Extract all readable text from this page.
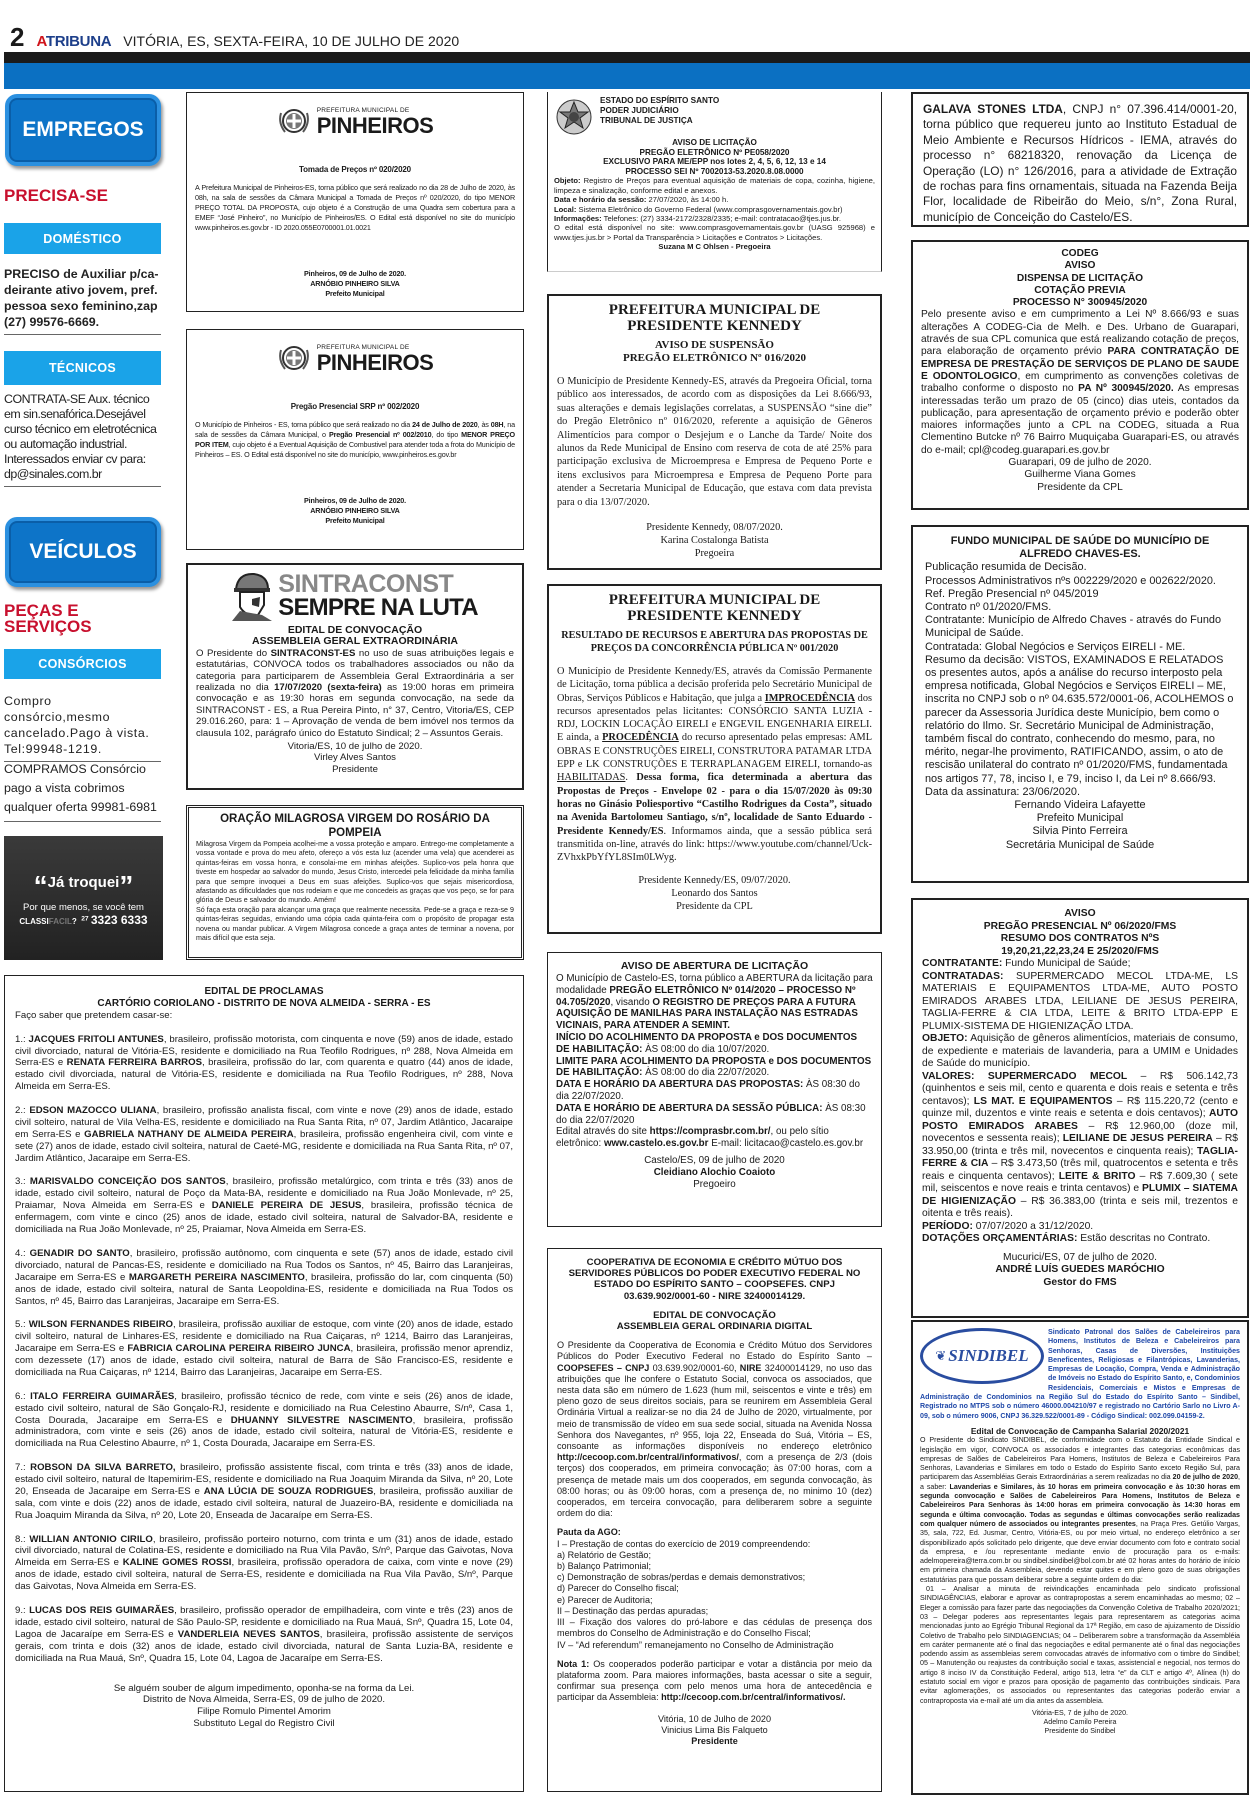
2 ATRIBUNA VITÓRIA, ES, SEXTA-FEIRA, 10 DE JULHO DE 2020
EMPREGOS
PRECISA-SE
DOMÉSTICO
PRECISO de Auxiliar p/ca-deirante ativo jovem, pref. pessoa sexo feminino,zap (27) 99576-6669.
TÉCNICOS
CONTRATA-SE Aux. técnico em sin.senafórica.Desejável curso técnico em eletrotécnica ou automação industrial. Interessados enviar cv para: dp@sinales.com.br
VEÍCULOS
PEÇAS E SERVIÇOS
CONSÓRCIOS
Compro consórcio,mesmo cancelado.Pago à vista. Tel:99948-1219.
COMPRAMOS Consórcio pago a vista cobrimos qualquer oferta 99981-6981
“Já troquei”
Por que menos, se você tem
CLASSIFACIL? $^{27}$ 3323 6333
PREFEITURA MUNICIPAL DE
PINHEIROS
Tomada de Preços nº 020/2020

A Prefeitura Municipal de Pinheiros-ES, torna público que será realizado no dia 28 de Julho de 2020, às 08h, na sala de sessões da Câmara Municipal a Tomada de Preços nº 020/2020, do tipo MENOR PREÇO TOTAL DA PROPOSTA, cujo objeto é a Construção de uma Quadra sem cobertura para a EMEF “José Pinheiro”, no Município de Pinheiros/ES. O Edital está disponível no site do município www.pinheiros.es.gov.br - ID 2020.055E0700001.01.0021

Pinheiros, 09 de Julho de 2020.
ARNÓBIO PINHEIRO SILVA
Prefeito Municipal
PREFEITURA MUNICIPAL DE
PINHEIROS
Pregão Presencial SRP nº 002/2020

O Município de Pinheiros - ES, torna público que será realizado no dia 24 de Julho de 2020, às 08H, na sala de sessões da Câmara Municipal, o Pregão Presencial nº 002/2010, do tipo MENOR PREÇO POR ITEM, cujo objeto é a Eventual Aquisição de Combustivel para atender toda a frota do Município de Pinheiros – ES. O Edital está disponível no site do município, www.pinheiros.es.gov.br

Pinheiros, 09 de Julho de 2020.
ARNÓBIO PINHEIRO SILVA
Prefeito Municipal
SINTRACONST
SEMPRE NA LUTA
EDITAL DE CONVOCAÇÃO
ASSEMBLEIA GERAL EXTRAORDINÁRIA

O Presidente do SINTRACONST-ES no uso de suas atribuições legais e estatutárias, CONVOCA todos os trabalhadores associados ou não da categoria para participarem de Assembleia Geral Extraordinária a ser realizada no dia 17/07/2020 (sexta-feira) as 19:00 horas em primeira convocação e as 19:30 horas em segunda convocação, na sede da SINTRACONST - ES, a Rua Pereira Pinto, n° 37, Centro, Vitoria/ES, CEP 29.016.260, para: 1 – Aprovação de venda de bem imóvel nos termos da clausula 102, parágrafo único do Estatuto Sindical; 2 – Assuntos Gerais.

Vitoria/ES, 10 de julho de 2020.
Virley Alves Santos
Presidente
ORAÇÃO MILAGROSA VIRGEM DO ROSÁRIO DA POMPEIA

Milagrosa Virgem da Pompeia acolhei-me a vossa proteção e amparo. Entrego-me completamente a vossa vontade e prova do meu afeto, ofereço a vós esta luz (acender uma vela) que acenderei as quintas-feiras em vossa honra, e consolai-me em minhas afeições. Suplico-vos pela honra que tiveste em hospedar ao salvador do mundo, Jesus Cristo, intercedei pela felicidade da minha família para que sempre invoquei a Deus em suas afeições. Suplico-vos que sejais misericordiosa, afastando as dificuldades que nos rodeiam e que me concedeis as graças que vos peço, se for para glória de Deus e salvador do mundo. Amém!

Só faça esta oração para alcançar uma graça que realmente necessita. Pede-se a graça e reza-se 9 quintas-feiras seguidas, enviando uma cópia cada quinta-feira com o propósito de propagar esta novena ou mandar publicar. A Virgem Milagrosa concede a graça antes de terminar a novena, por mais difícil que esta seja.

ESTADO DO ESPÍRITO SANTO
PODER JUDICIÁRIO
TRIBUNAL DE JUSTIÇA
AVISO DE LICITAÇÃO
PREGÃO ELETRÔNICO Nº PE058/2020
EXCLUSIVO PARA ME/EPP nos lotes 2, 4, 5, 6, 12, 13 e 14
PROCESSO SEI Nº 7002013-53.2020.8.08.0000

Objeto: Registro de Preços para eventual aquisição de materiais de copa, cozinha, higiene, limpeza e sinalização, conforme edital e anexos.

Data e horário da sessão: 27/07/2020, às 14:00 h.

Local: Sistema Eletrônico do Governo Federal (www.comprasgovernamentais.gov.br)

Informações: Telefones: (27) 3334-2172/2328/2335; e-mail: contratacao@tjes.jus.br.

O edital está disponível no site: www.comprasgovernamentais.gov.br (UASG 925968) e www.tjes.jus.br > Portal da Transparência > Licitações e Contratos > Licitações.

Suzana M C Ohlsen - Pregoeira
PREFEITURA MUNICIPAL DE
PRESIDENTE KENNEDY
AVISO DE SUSPENSÃO
PREGÃO ELETRÔNICO Nº 016/2020

O Município de Presidente Kennedy-ES, através da Pregoeira Oficial, torna público aos interessados, de acordo com as disposições da Lei 8.666/93, suas alterações e demais legislações correlatas, a SUSPENSÃO “sine die” do Pregão Eletrônico nº 016/2020, referente a aquisição de Gêneros Alimentícios para compor o Desjejum e o Lanche da Tarde/ Noite dos alunos da Rede Municipal de Ensino com reserva de cota de até 25% para participação exclusiva de Microempresa e Empresa de Pequeno Porte e itens exclusivos para Microempresa e Empresa de Pequeno Porte para atender a Secretaria Municipal de Educação, que estava com data prevista para o dia 13/07/2020.

Presidente Kennedy, 08/07/2020.
Karina Costalonga Batista
Pregoeira
PREFEITURA MUNICIPAL DE
PRESIDENTE KENNEDY
RESULTADO DE RECURSOS E ABERTURA DAS PROPOSTAS DE PREÇOS DA CONCORRÊNCIA PÚBLICA Nº 001/2020

O Município de Presidente Kennedy/ES, através da Comissão Permanente de Licitação, torna pública a decisão proferida pelo Secretário Municipal de Obras, Serviços Públicos e Habitação, que julga a IMPROCEDÊNCIA dos recursos apresentados pelas licitantes: CONSÓRCIO SANTA LUZIA - RDJ, LOCKIN LOCAÇÃO EIRELI e ENGEVIL ENGENHARIA EIRELI. E ainda, a PROCEDÊNCIA do recurso apresentado pelas empresas: AML OBRAS E CONSTRUÇÕES EIRELI, CONSTRUTORA PATAMAR LTDA EPP e LK CONSTRUÇÕES E TERRAPLANAGEM EIRELI, tornando-as HABILITADAS. Dessa forma, fica determinada a abertura das Propostas de Preços - Envelope 02 - para o dia 15/07/2020 às 09:30 horas no Ginásio Poliesportivo “Castilho Rodrigues da Costa”, situado na Avenida Bartolomeu Santiago, s/nº, localidade de Santo Eduardo - Presidente Kennedy/ES. Informamos ainda, que a sessão pública será transmitida on-line, através do link: https://www.youtube.com/channel/Uck-ZVhxkPbYfYL8SIm0LWyg.

Presidente Kennedy/ES, 09/07/2020.
Leonardo dos Santos
Presidente da CPL
AVISO DE ABERTURA DE LICITAÇÃO

O Município de Castelo-ES, torna público a ABERTURA da licitação para modalidade PREGÃO ELETRÔNICO Nº 014/2020 – PROCESSO Nº 04.705/2020, visando O REGISTRO DE PREÇOS PARA A FUTURA AQUISIÇÃO DE MANILHAS PARA INSTALAÇÃO NAS ESTRADAS VICINAIS, PARA ATENDER A SEMINT.

INÍCIO DO ACOLHIMENTO DA PROPOSTA e DOS DOCUMENTOS DE HABILITAÇÃO: ÀS 08:00 do dia 10/07/2020.

LIMITE PARA ACOLHIMENTO DA PROPOSTA e DOS DOCUMENTOS DE HABILITAÇÃO: ÀS 08:00 do dia 22/07/2020.

DATA E HORÁRIO DA ABERTURA DAS PROPOSTAS: ÀS 08:30 do dia 22/07/2020.

DATA E HORÁRIO DE ABERTURA DA SESSÃO PÚBLICA: ÀS 08:30 do dia 22/07/2020

Edital através do site https://comprasbr.com.br/, ou pelo sítio eletrônico: www.castelo.es.gov.br E-mail: licitacao@castelo.es.gov.br

Castelo/ES, 09 de julho de 2020
Cleidiano Alochio Coaioto
Pregoeiro
COOPERATIVA DE ECONOMIA E CRÉDITO MÚTUO DOS SERVIDORES PÚBLICOS DO PODER EXECUTIVO FEDERAL NO ESTADO DO ESPÍRITO SANTO – COOPSEFES. CNPJ 03.639.902/0001-60 - NIRE 32400014129.
EDITAL DE CONVOCAÇÃO
ASSEMBLEIA GERAL ORDINARIA DIGITAL

O Presidente da Cooperativa de Economia e Crédito Mútuo dos Servidores Públicos do Poder Executivo Federal no Estado do Espírito Santo – COOPSEFES – CNPJ 03.639.902/0001-60, NIRE 32400014129, no uso das atribuições que lhe confere o Estatuto Social, convoca os associados, que nesta data são em número de 1.623 (hum mil, seiscentos e vinte e três) em pleno gozo de seus direitos sociais, para se reunirem em Assembleia Geral Ordinária Virtual a realizar-se no dia 24 de Julho de 2020, virtualmente, por meio de transmissão de vídeo em sua sede social, situada na Avenida Nossa Senhora dos Navegantes, nº 955, loja 22, Enseada do Suá, Vitória – ES, consoante as informações disponíveis no endereço eletrônico http://cecoop.com.br/central/informativos/, com a presença de 2/3 (dois terços) dos cooperados, em primeira convocação; às 07:00 horas, com a presença de metade mais um dos cooperados, em segunda convocação, às 08:00 horas; ou às 09:00 horas, com a presença de, no minimo 10 (dez) cooperados, em terceira convocação, para deliberarem sobre a seguinte ordem do dia:

Pauta da AGO:

I – Prestação de contas do exercício de 2019 compreendendo:

a) Relatório de Gestão;

b) Balanço Patrimonial;

c) Demonstração de sobras/perdas e demais demonstrativos;

d) Parecer do Conselho fiscal;

e) Parecer de Auditoria;

II – Destinação das perdas apuradas;

III – Fixação dos valores do pró-labore e das cédulas de presença dos membros do Conselho de Administração e do Conselho Fiscal;

IV – “Ad referendum” remanejamento no Conselho de Administração

Nota 1: Os cooperados poderão participar e votar a distância por meio da plataforma zoom. Para maiores informações, basta acessar o site a seguir, confirmar sua presença com pelo menos uma hora de antecedência e participar da Assembleia: http://cecoop.com.br/central/informativos/.

Vitória, 10 de Julho de 2020
Vinicius Lima Bis Falqueto
Presidente

GALAVA STONES LTDA, CNPJ n° 07.396.414/0001-20, torna público que requereu junto ao Instituto Estadual de Meio Ambiente e Recursos Hídricos - IEMA, através do processo n° 68218320, renovação da Licença de Operação (LO) n° 126/2016, para a atividade de Extração de rochas para fins ornamentais, situada na Fazenda Beija Flor, localidade de Ribeirão do Meio, s/n°, Zona Rural, município de Conceição do Castelo/ES.

CODEG
AVISO
DISPENSA DE LICITAÇÃO
COTAÇÃO PREVIA
PROCESSO N° 300945/2020

Pelo presente aviso e em cumprimento a Lei Nº 8.666/93 e suas alterações A CODEG-Cia de Melh. e Des. Urbano de Guarapari, através de sua CPL comunica que está realizando cotação de preços, para elaboração de orçamento prévio PARA CONTRATAÇÃO DE EMPRESA DE PRESTAÇÃO DE SERVIÇOS DE PLANO DE SAUDE E ODONTOLOGICO, em cumprimento as convenções coletivas de trabalho conforme o disposto no PA Nº 300945/2020. As empresas interessadas terão um prazo de 05 (cinco) dias uteis, contados da publicação, para apresentação de orçamento prévio e poderão obter maiores informações junto a CPL na CODEG, situada a Rua Clementino Butcke nº 76 Bairro Muquiçaba Guarapari-ES, ou através do e-mail; cpl@codeg.guarapari.es.gov.br

Guarapari, 09 de julho de 2020.
Guilherme Viana Gomes
Presidente da CPL
FUNDO MUNICIPAL DE SAÚDE DO MUNICÍPIO DE ALFREDO CHAVES-ES.

Publicação resumida de Decisão.

Processos Administrativos nºs 002229/2020 e 002622/2020.

Ref. Pregão Presencial nº 045/2019

Contrato nº 01/2020/FMS.

Contratante: Município de Alfredo Chaves - através do Fundo Municipal de Saúde.

Contratada: Global Negócios e Serviços EIRELI - ME.

Resumo da decisão: VISTOS, EXAMINADOS E RELATADOS os presentes autos, após a análise do recurso interposto pela empresa notificada, Global Negócios e Serviços EIRELI – ME, inscrita no CNPJ sob o nº 04.635.572/0001-06, ACOLHEMOS o parecer da Assessoria Jurídica deste Município, bem como o relatório do Ilmo. Sr. Secretário Municipal de Administração, também fiscal do contrato, conhecendo do mesmo, para, no mérito, negar-lhe provimento, RATIFICANDO, assim, o ato de rescisão unilateral do contrato nº 01/2020/FMS, fundamentada nos artigos 77, 78, inciso I, e 79, inciso I, da Lei nº 8.666/93.

Data da assinatura: 23/06/2020.

Fernando Videira Lafayette
Prefeito Municipal
Silvia Pinto Ferreira
Secretária Municipal de Saúde
AVISO
PREGÃO PRESENCIAL Nº 06/2020/FMS
RESUMO DOS CONTRATOS NºS
19,20,21,22,23,24 E 25/2020/FMS

CONTRATANTE: Fundo Municipal de Saúde;

CONTRATADAS: SUPERMERCADO MECOL LTDA-ME, LS MATERIAIS E EQUIPAMENTOS LTDA-ME, AUTO POSTO EMIRADOS ARABES LTDA, LEILIANE DE JESUS PEREIRA, TAGLIA-FERRE & CIA LTDA, LEITE & BRITO LTDA-EPP E PLUMIX-SISTEMA DE HIGIENIZAÇÃO LTDA.

OBJETO: Aquisição de gêneros alimentícios, materiais de consumo, de expediente e materiais de lavanderia, para a UMIM e Unidades de Saúde do município.

VALORES: SUPERMERCADO MECOL – R$ 506.142,73 (quinhentos e seis mil, cento e quarenta e dois reais e setenta e três centavos); LS MAT. E EQUIPAMENTOS – R$ 115.220,72 (cento e quinze mil, duzentos e vinte reais e setenta e dois centavos); AUTO POSTO EMIRADOS ARABES – R$ 12.960,00 (doze mil, novecentos e sessenta reais); LEILIANE DE JESUS PEREIRA – R$ 33.950,00 (trinta e três mil, novecentos e cinquenta reais); TAGLIA- FERRE & CIA – R$ 3.473,50 (três mil, quatrocentos e setenta e três reais e cinquenta centavos); LEITE & BRITO – R$ 7.609,30 ( sete mil, seiscentos e nove reais e trinta centavos) e PLUMIX – SIATEMA DE HIGIENIZAÇÃO – R$ 36.383,00 (trinta e seis mil, trezentos e oitenta e três reais).

PERÍODO: 07/07/2020 a 31/12/2020.

DOTAÇÕES ORÇAMENTÁRIAS: Estão descritas no Contrato.

Mucurici/ES, 07 de julho de 2020.
ANDRÉ LUÍS GUEDES MARÓCHIO
Gestor do FMS
❦ SINDIBEL

Sindicato Patronal dos Salões de Cabeleireiros para Homens, Institutos de Beleza e Cabeleireiros para Senhoras, Casas de Diversões, Instituições Beneficentes, Religiosas e Filantrópicas, Lavanderias, Empresas de Locação, Compra, Venda e Administração de Imóveis no Estado do Espírito Santo, e, Condominios Residenciais, Comerciais e Mistos e Empresas de Administração de Condominios na Região Sul do Estado do Espírito Santo – Sindibel, Registrado no MTPS sob o número 46000.004210/97 e registrado no Cartório Sarlo no Livro A-09, sob o número 9006, CNPJ 36.329.522/0001-89 - Código Sindical: 002.099.04159-2.

Edital de Convocação de Campanha Salarial 2020/2021

O Presidente do Sindicato SINDIBEL, de conformidade com o Estatuto da Entidade Sindical e legislação em vigor, CONVOCA os associados e integrantes das categorias econômicas das empresas de Salões de Cabeleireiros Para Homens, Institutos de Beleza e Cabeleireiros Para Senhoras, Lavanderias e Similares em todo o Estado do Espírito Santo exceto Região Sul, para participarem das Assembléias Gerais Extraordinárias a serem realizadas no dia 20 de julho de 2020, a saber: Lavanderias e Similares, às 10 horas em primeira convocação e às 10:30 horas em segunda convocação e Salões de Cabeleireiros Para Homens, Institutos de Beleza e Cabeleireiros Para Senhoras às 14:00 horas em primeira convocação às 14:30 horas em segunda e última convocação. Todas as segundas e últimas convocações serão realizadas com qualquer número de associados ou integrantes presentes, na Praça Pres. Getúlio Vargas, 35, sala, 722, Ed. Jusmar, Centro, Vitória-ES, ou por meio virtual, no endereço eletrônico a ser disponibilizado após solicitado pelo dirigente, que deve enviar documento com foto e contrato social da empresa, e /ou representante mediante envio de procuração para os e-mails: adelmopereira@terra.com.br ou sindibel.sindibel@bol.com.br até 02 horas antes do horário de início em primeira chamada da Assembleia, devendo estar quites e em pleno gozo de suas obrigações estatutárias para que possam deliberar sobre a seguinte ordem do dia:

01 – Analisar a minuta de reivindicações encaminhada pelo sindicato profissional SINDIAGÊNCIAS, elaborar e aprovar as contrapropostas a serem encaminhadas ao mesmo; 02 – Eleger a comissão para fazer parte das negociações da Convenção Coletiva de Trabalho 2020/2021; 03 – Delegar poderes aos representantes legais para representarem as categorias acima mencionadas junto ao Egrégio Tribunal Regional da 17ª Região, em caso de ajuizamento de Dissídio Coletivo de Trabalho pelo SINDIAGENCIAS; 04 – Deliberarem sobre a transformação da Assembléia em caráter permanente até o final das negociações e edital permanente até o final das negociações podendo assim as assembleias serem convocadas através de informativo com o timbre do Sindibel; 05 – Manutenção ou reajustes da contribuição social e taxas, assistencial e negocial, nos termos do artigo 8 inciso IV da Constituição Federal, artigo 513, letra “e” da CLT e artigo 4º, Alínea (h) do estatuto social em vigor e prazos para oposição de pagamento das contribuições sindicais. Para evitar aglomerações, os associados ou representantes das categorias poderão enviar a contraproposta via e-mail até um dia antes da assembleia.

Vitória-ES, 7 de julho de 2020.
Adelmo Camilo Pereira
Presidente do Sindibel
EDITAL DE PROCLAMAS
CARTÓRIO CORIOLANO - DISTRITO DE NOVA ALMEIDA - SERRA - ES
Faço saber que pretendem casar-se:

1.: JACQUES FRITOLI ANTUNES, brasileiro, profissão motorista, com cinquenta e nove (59) anos de idade, estado civil divorciado, natural de Vitória-ES, residente e domiciliado na Rua Teofilo Rodrigues, nº 288, Nova Almeida em Serra-ES e RENATA FERREIRA BARROS, brasileira, profissão do lar, com quarenta e quatro (44) anos de idade, estado civil divorciada, natural de Vitória-ES, residente e domiciliada na Rua Teofilo Rodrigues, nº 288, Nova Almeida em Serra-ES.

2.: EDSON MAZOCCO ULIANA, brasileiro, profissão analista fiscal, com vinte e nove (29) anos de idade, estado civil solteiro, natural de Vila Velha-ES, residente e domiciliado na Rua Santa Rita, nº 07, Jardim Atlântico, Jacaraipe em Serra-ES e GABRIELA NATHANY DE ALMEIDA PEREIRA, brasileira, profissão engenheira civil, com vinte e sete (27) anos de idade, estado civil solteira, natural de Caeté-MG, residente e domiciliada na Rua Santa Rita, nº 07, Jardim Atlântico, Jacaraipe em Serra-ES.

3.: MARISVALDO CONCEIÇÃO DOS SANTOS, brasileiro, profissão metalúrgico, com trinta e três (33) anos de idade, estado civil solteiro, natural de Poço da Mata-BA, residente e domiciliado na Rua João Monlevade, nº 25, Praiamar, Nova Almeida em Serra-ES e DANIELE PEREIRA DE JESUS, brasileira, profissão técnica de enfermagem, com vinte e cinco (25) anos de idade, estado civil solteira, natural de Salvador-BA, residente e domiciliada na Rua João Monlevade, nº 25, Praiamar, Nova Almeida em Serra-ES.

4.: GENADIR DO SANTO, brasileiro, profissão autônomo, com cinquenta e sete (57) anos de idade, estado civil divorciado, natural de Pancas-ES, residente e domiciliado na Rua Todos os Santos, nº 45, Bairro das Laranjeiras, Jacaraipe em Serra-ES e MARGARETH PEREIRA NASCIMENTO, brasileira, profissão do lar, com cinquenta (50) anos de idade, estado civil solteira, natural de Santa Leopoldina-ES, residente e domiciliada na Rua Todos os Santos, nº 45, Bairro das Laranjeiras, Jacaraipe em Serra-ES.

5.: WILSON FERNANDES RIBEIRO, brasileira, profissão auxiliar de estoque, com vinte (20) anos de idade, estado civil solteiro, natural de Linhares-ES, residente e domiciliado na Rua Caiçaras, nº 1214, Bairro das Laranjeiras, Jacaraipe em Serra-ES e FABRICIA CAROLINA PEREIRA RIBEIRO JUNCA, brasileira, profissão menor aprendiz, com dezessete (17) anos de idade, estado civil solteira, natural de Barra de São Francisco-ES, residente e domiciliada na Rua Caiçaras, nº 1214, Bairro das Laranjeiras, Jacaraipe em Serra-ES.

6.: ITALO FERREIRA GUIMARÃES, brasileiro, profissão técnico de rede, com vinte e seis (26) anos de idade, estado civil solteiro, natural de São Gonçalo-RJ, residente e domiciliado na Rua Celestino Abaurre, S/nº, Casa 1, Costa Dourada, Jacaraipe em Serra-ES e DHUANNY SILVESTRE NASCIMENTO, brasileira, profissão administradora, com vinte e seis (26) anos de idade, estado civil solteira, natural de Vitória-ES, residente e domiciliada na Rua Celestino Abaurre, nº 1, Costa Dourada, Jacaraipe em Serra-ES.

7.: ROBSON DA SILVA BARRETO, brasileiro, profissão assistente fiscal, com trinta e três (33) anos de idade, estado civil solteiro, natural de Itapemirim-ES, residente e domiciliado na Rua Joaquim Miranda da Silva, nº 20, Lote 20, Enseada de Jacaraipe em Serra-ES e ANA LÚCIA DE SOUZA RODRIGUES, brasileira, profissão auxiliar de sala, com vinte e dois (22) anos de idade, estado civil solteira, natural de Juazeiro-BA, residente e domiciliada na Rua Joaquim Miranda da Silva, nº 20, Lote 20, Enseada de Jacaraípe em Serra-ES.

8.: WILLIAN ANTONIO CIRILO, brasileiro, profissão porteiro noturno, com trinta e um (31) anos de idade, estado civil divorciado, natural de Colatina-ES, residente e domiciliado na Rua Vila Pavão, S/nº, Parque das Gaivotas, Nova Almeida em Serra-ES e KALINE GOMES ROSSI, brasileira, profissão operadora de caixa, com vinte e nove (29) anos de idade, estado civil solteira, natural de Serra-ES, residente e domiciliada na Rua Vila Pavão, S/nº, Parque das Gaivotas, Nova Almeida em Serra-ES.

9.: LUCAS DOS REIS GUIMARÃES, brasileiro, profissão operador de empilhadeira, com vinte e três (23) anos de idade, estado civil solteiro, natural de São Paulo-SP, residente e domiciliado na Rua Mauá, Snº, Quadra 15, Lote 04, Lagoa de Jacaraípe em Serra-ES e VANDERLEIA NEVES SANTOS, brasileira, profissão assistente de serviços gerais, com trinta e dois (32) anos de idade, estado civil divorciada, natural de Santa Luzia-BA, residente e domiciliada na Rua Mauá, Snº, Quadra 15, Lote 04, Lagoa de Jacaraípe em Serra-ES.

Se alguém souber de algum impedimento, oponha-se na forma da Lei.
Distrito de Nova Almeida, Serra-ES, 09 de julho de 2020.
Filipe Romulo Pimentel Amorim
Substituto Legal do Registro Civil
